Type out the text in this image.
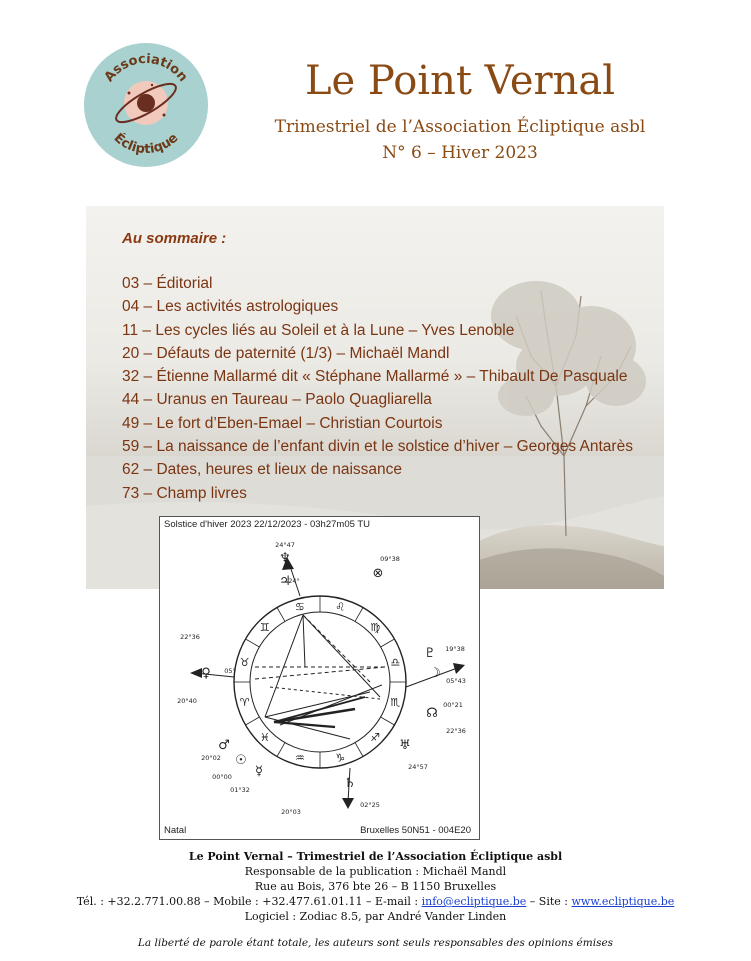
Association
Écliptique
Le Point Vernal
Trimestriel de l’Association Écliptique asbl
N° 6 – Hiver 2023
Au sommaire :
03 – Éditorial
04 – Les activités astrologiques
11 – Les cycles liés au Soleil et à la Lune – Yves Lenoble
20 – Défauts de paternité (1/3) – Michaël Mandl
32 – Étienne Mallarmé dit « Stéphane Mallarmé » – Thibault De Pasquale
44 – Uranus en Taureau – Paolo Quagliarella
49 – Le fort d’Eben-Emael – Christian Courtois
59 – La naissance de l’enfant divin et le solstice d’hiver – Georges Antarès
62 – Dates, heures et lieux de naissance
73 – Champ livres
♌
♋
♊
♉
♈
♓
♒	♑
♐
♏
♎
♍
♆
⊗
♃
☽
☊
♀
♂
☉
☿
♄
♅
♇
24°47
09°38
24°
22°36
19°38
05°43
00°21
22°36
20°40
20°02
00°00
01°32
24°57
20°03
02°25
05°
Solstice d'hiver 2023 22/12/2023 - 03h27m05 TU
Natal	Bruxelles 50N51 - 004E20
Le Point Vernal – Trimestriel de l’Association Écliptique asbl
Responsable de la publication : Michaël Mandl
Rue au Bois, 376 bte 26 – B 1150 Bruxelles
Tél. : +32.2.771.00.88 – Mobile : +32.477.61.01.11 – E-mail : info@ecliptique.be – Site : www.ecliptique.be
Logiciel : Zodiac 8.5, par André Vander Linden
La liberté de parole étant totale, les auteurs sont seuls responsables des opinions émises
